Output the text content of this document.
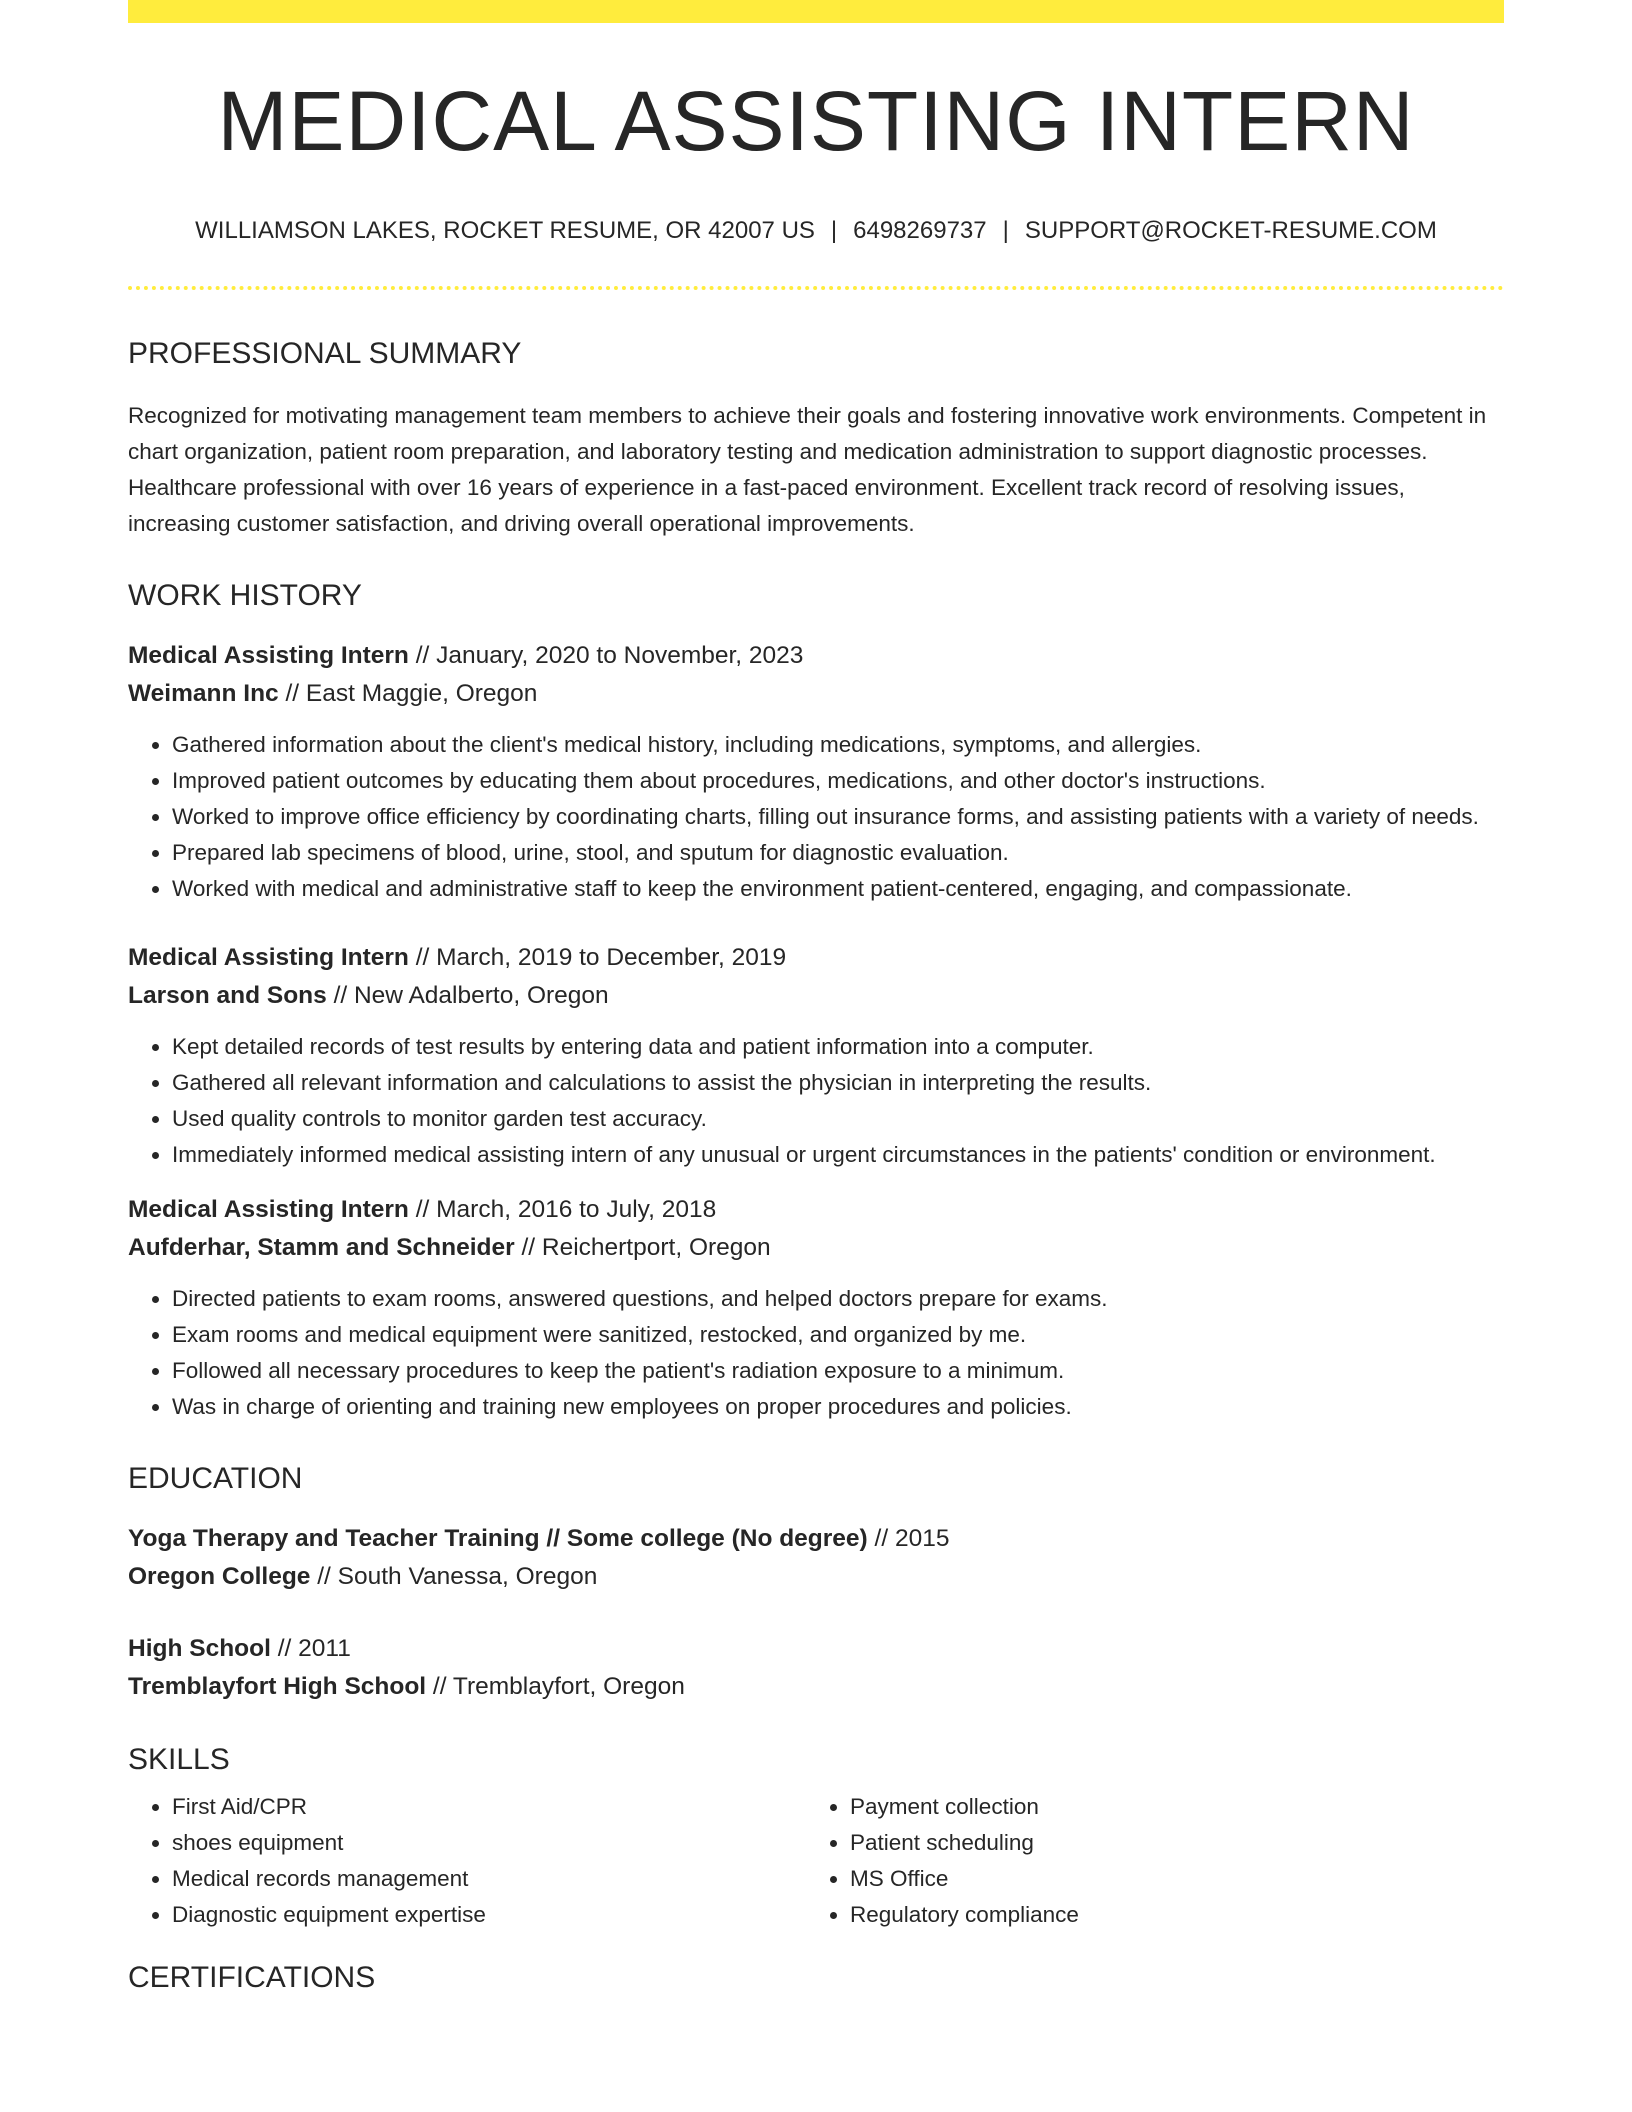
MEDICAL ASSISTING INTERN
WILLIAMSON LAKES, ROCKET RESUME, OR 42007 US | 6498269737 | SUPPORT@ROCKET-RESUME.COM
PROFESSIONAL SUMMARY
Recognized for motivating management team members to achieve their goals and fostering innovative work environments. Competent in chart organization, patient room preparation, and laboratory testing and medication administration to support diagnostic processes. Healthcare professional with over 16 years of experience in a fast-paced environment. Excellent track record of resolving issues, increasing customer satisfaction, and driving overall operational improvements.
WORK HISTORY
Medical Assisting Intern // January, 2020 to November, 2023
Weimann Inc // East Maggie, Oregon
• Gathered information about the client's medical history, including medications, symptoms, and allergies.
• Improved patient outcomes by educating them about procedures, medications, and other doctor's instructions.
• Worked to improve office efficiency by coordinating charts, filling out insurance forms, and assisting patients with a variety of needs.
• Prepared lab specimens of blood, urine, stool, and sputum for diagnostic evaluation.
• Worked with medical and administrative staff to keep the environment patient-centered, engaging, and compassionate.
Medical Assisting Intern // March, 2019 to December, 2019
Larson and Sons // New Adalberto, Oregon
• Kept detailed records of test results by entering data and patient information into a computer.
• Gathered all relevant information and calculations to assist the physician in interpreting the results.
• Used quality controls to monitor garden test accuracy.
• Immediately informed medical assisting intern of any unusual or urgent circumstances in the patients' condition or environment.
Medical Assisting Intern // March, 2016 to July, 2018
Aufderhar, Stamm and Schneider // Reichertport, Oregon
• Directed patients to exam rooms, answered questions, and helped doctors prepare for exams.
• Exam rooms and medical equipment were sanitized, restocked, and organized by me.
• Followed all necessary procedures to keep the patient's radiation exposure to a minimum.
• Was in charge of orienting and training new employees on proper procedures and policies.
EDUCATION
Yoga Therapy and Teacher Training // Some college (No degree) // 2015
Oregon College // South Vanessa, Oregon
High School // 2011
Tremblayfort High School // Tremblayfort, Oregon
SKILLS
• First Aid/CPR
• shoes equipment
• Medical records management
• Diagnostic equipment expertise
• Payment collection
• Patient scheduling
• MS Office
• Regulatory compliance
CERTIFICATIONS
